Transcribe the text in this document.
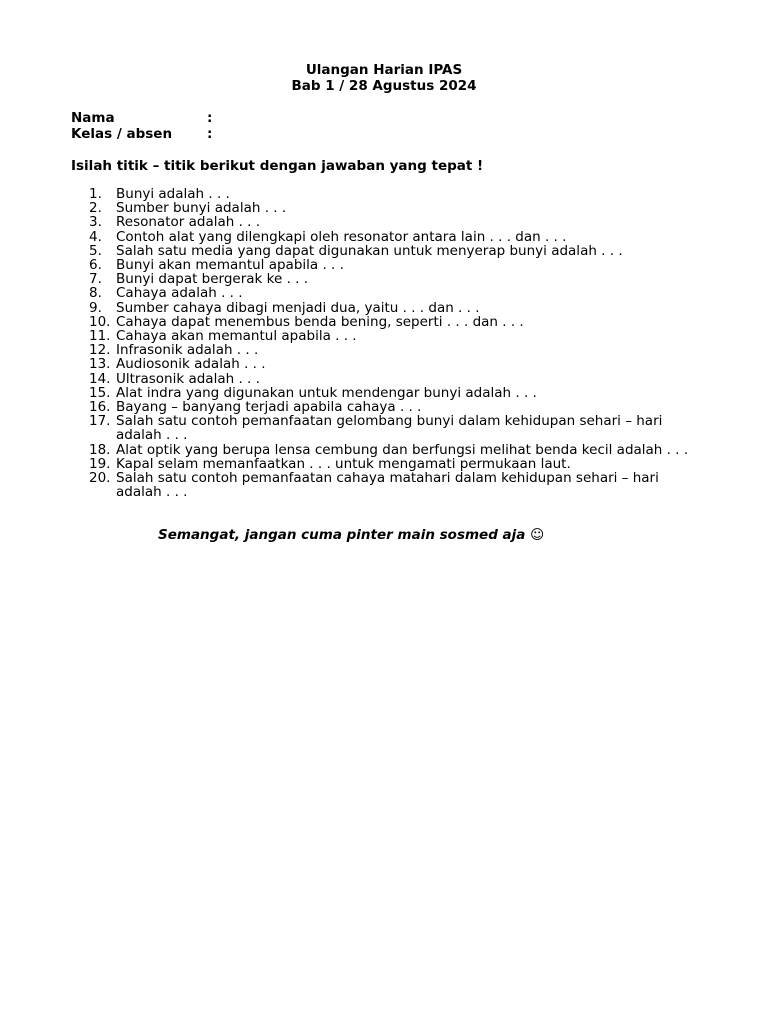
Ulangan Harian IPAS
Bab 1 / 28 Agustus 2024
Nama	:
Kelas / absen	:
Isilah titik – titik berikut dengan jawaban yang tepat !
1.	Bunyi adalah . . .
2.	Sumber bunyi adalah . . .
3.	Resonator adalah . . .
4.	Contoh alat yang dilengkapi oleh resonator antara lain . . . dan . . .
5.	Salah satu media yang dapat digunakan untuk menyerap bunyi adalah . . .
6.	Bunyi akan memantul apabila . . .
7.	Bunyi dapat bergerak ke . . .
8.	Cahaya adalah . . .
9.	Sumber cahaya dibagi menjadi dua, yaitu . . . dan . . .
10. Cahaya dapat menembus benda bening, seperti . . . dan . . .
11. Cahaya akan memantul apabila . . .
12. Infrasonik adalah . . .
13. Audiosonik adalah . . .
14. Ultrasonik adalah . . .
15. Alat indra yang digunakan untuk mendengar bunyi adalah . . .
16. Bayang – banyang terjadi apabila cahaya . . .
17. Salah satu contoh pemanfaatan gelombang bunyi dalam kehidupan sehari – hari adalah . . .
18. Alat optik yang berupa lensa cembung dan berfungsi melihat benda kecil adalah . . .
19. Kapal selam memanfaatkan . . . untuk mengamati permukaan laut.
20. Salah satu contoh pemanfaatan cahaya matahari dalam kehidupan sehari – hari adalah . . .
Semangat, jangan cuma pinter main sosmed aja ☺
